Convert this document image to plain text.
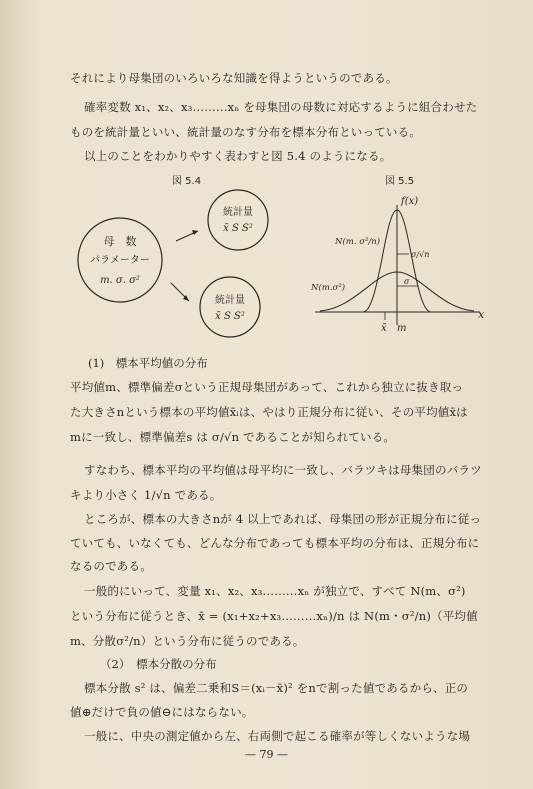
それにより母集団のいろいろな知識を得ようというのである。
確率変数 x₁、x₂、x₃………xₙ を母集団の母数に対応するように組合わせた
ものを統計量といい、統計量のなす分布を標本分布といっている。
以上のことをわかりやすく表わすと図 5.4 のようになる。
図 5.4	図 5.5
母　数
パラメーター
m. σ. σ²
統計量
x̄ S S²
統計量
x̄ S S²
f(x)
x
N(m. σ²/n)
N(m.σ²)
σ/√n
σ
x̄ m
(1)　標本平均値の分布
平均値m、標準偏差σという正規母集団があって、これから独立に抜き取っ
た大きさnという標本の平均値x̄ᵢは、やはり正規分布に従い、その平均値x̄は
mに一致し、標準偏差s は σ/√n であることが知られている。
すなわち、標本平均の平均値は母平均に一致し、バラツキは母集団のバラツ
キより小さく 1/√n である。
ところが、標本の大きさnが 4 以上であれば、母集団の形が正規分布に従っ
ていても、いなくても、どんな分布であっても標本平均の分布は、正規分布に
なるのである。
一般的にいって、変量 x₁、x₂、x₃………xₙ が独立で、すべて N(m、σ²)
という分布に従うとき、x̄ = (x₁+x₂+x₃………xₙ)/n は N(m・σ²/n)（平均値
m、分散σ²/n）という分布に従うのである。
（2）　標本分散の分布
標本分散 s² は、偏差二乗和S＝(xᵢ－x̄)² をnで割った値であるから、正の
値⊕だけで負の値⊖にはならない。
一般に、中央の測定値から左、右両側で起こる確率が等しくないような場
— 79 —
